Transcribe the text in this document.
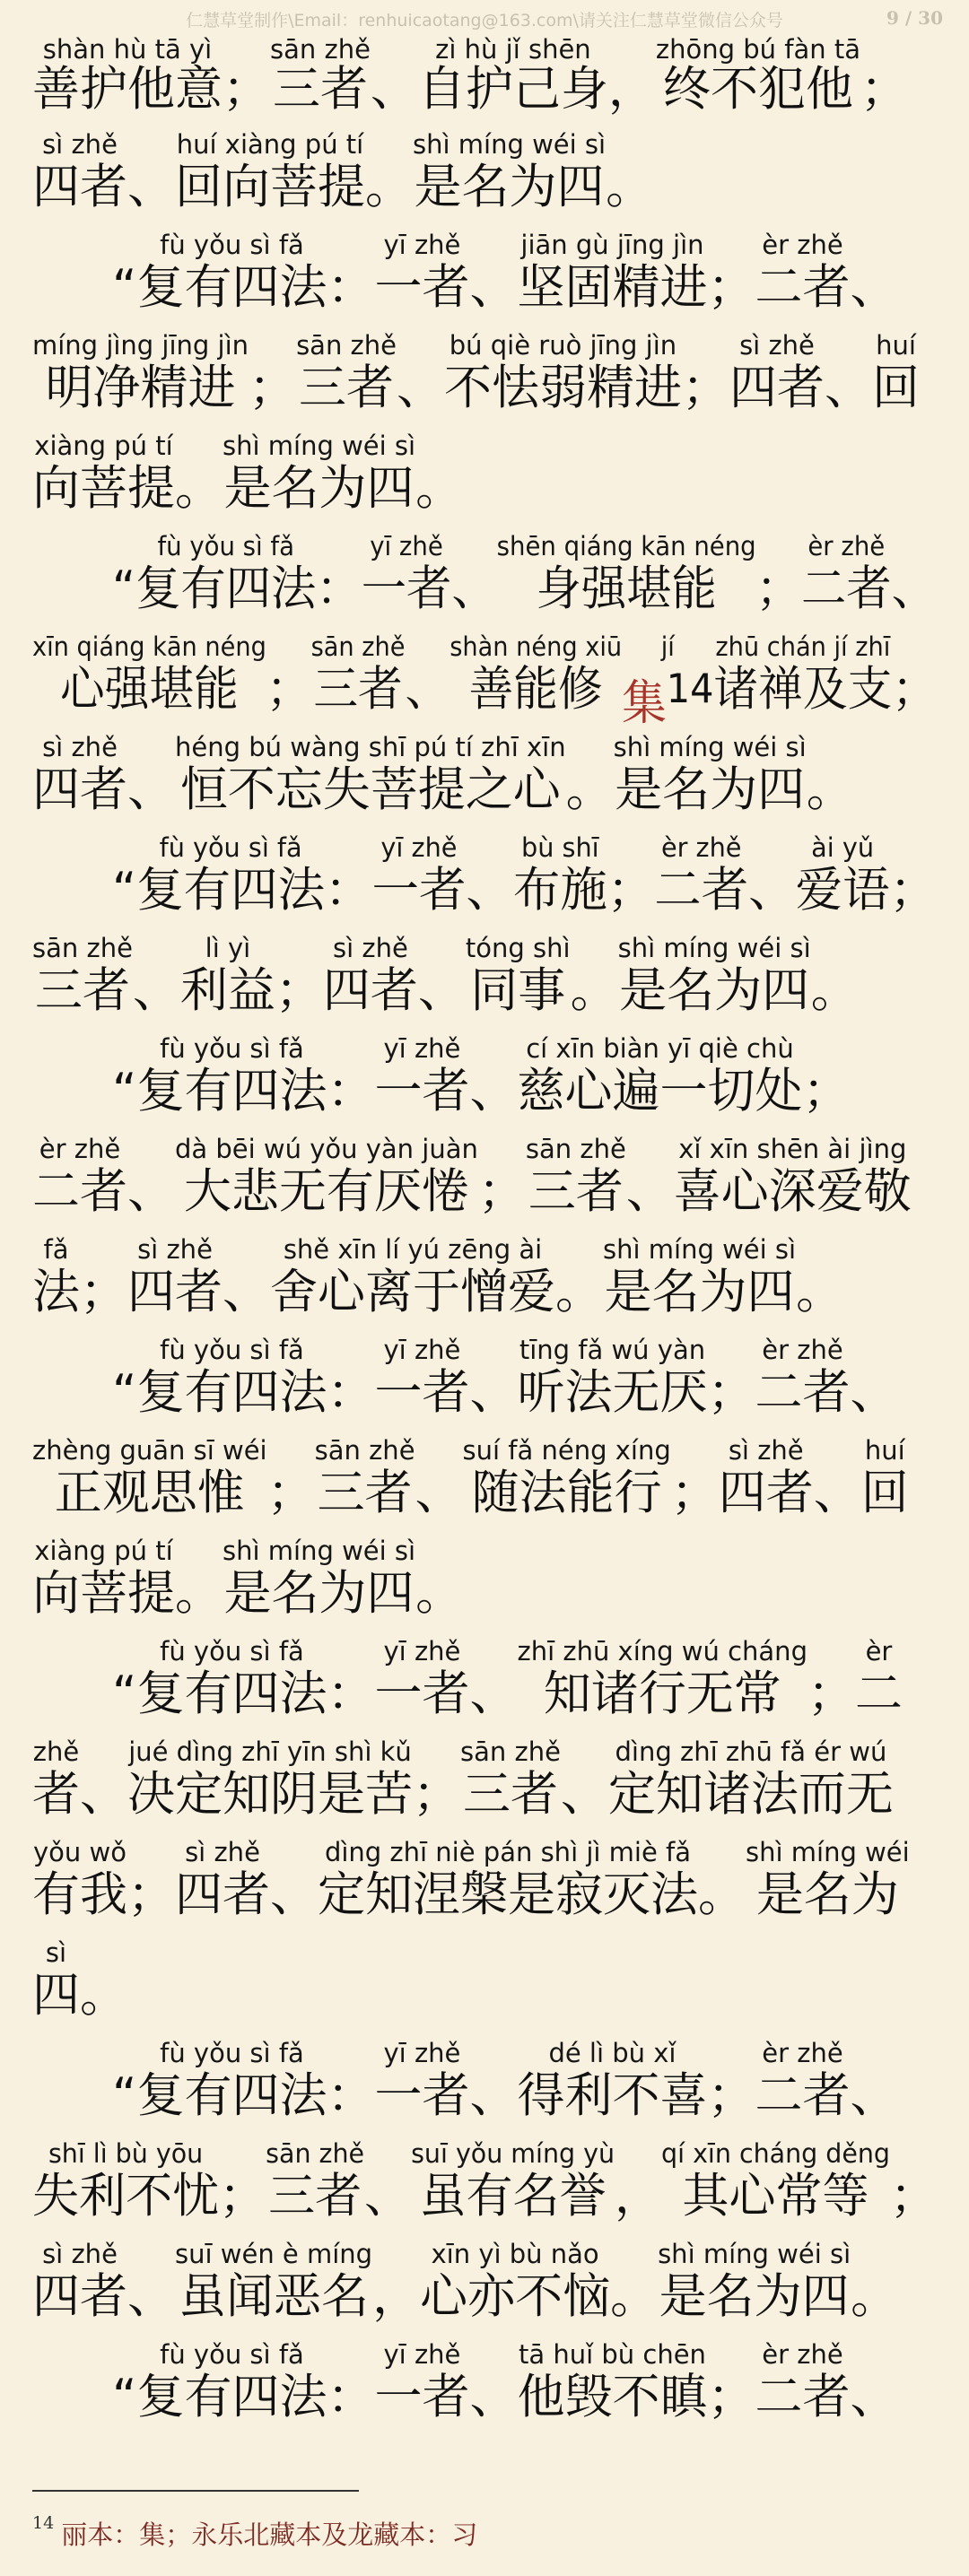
仁慧草堂制作\Email：renhuicaotang@163.com\请关注仁慧草堂微信公众号	9 / 30
shàn hù tā yì
善护他意 ；
sān zhě
三者 、
zì hù jǐ shēn
自护己身 ，
zhōng bú fàn tā
终不犯他 ；
sì zhě
四者 、
huí xiàng pú tí
回向菩提 。
shì míng wéi sì
是名为四 。
“
fù yǒu sì fǎ
复有四法 ：
yī zhě
一者 、
jiān gù jīng jìn
坚固精进 ；
èr zhě
二者 、
míng jìng jīng jìn
明净精进 ；
sān zhě
三者 、
bú qiè ruò jīng jìn
不怯弱精进 ；
sì zhě
四者 、
huí
回
xiàng pú tí
向菩提 。
shì míng wéi sì
是名为四 。
“
fù yǒu sì fǎ
复有四法 ：
yī zhě
一者 、
shēn qiáng kān néng
身强堪能 ；
èr zhě
二者 、
xīn qiáng kān néng
心强堪能 ；
sān zhě
三者 、
shàn néng xiū
善能修
jí
集$^{14}$
zhū chán jí zhī
诸禅及支 ；
sì zhě
四者 、
héng bú wàng shī pú tí zhī xīn
恒不忘失菩提之心 。
shì míng wéi sì
是名为四 。
“
fù yǒu sì fǎ
复有四法 ：
yī zhě
一者 、
bù shī
布施 ；
èr zhě
二者 、
ài yǔ
爱语 ；
sān zhě
三者 、
lì yì
利益 ；
sì zhě
四者 、
tóng shì
同事 。
shì míng wéi sì
是名为四 。
“
fù yǒu sì fǎ
复有四法 ：
yī zhě
一者 、
cí xīn biàn yī qiè chù
慈心遍一切处 ；
èr zhě
二者 、
dà bēi wú yǒu yàn juàn
大悲无有厌惓 ；
sān zhě
三者 、
xǐ xīn shēn ài jìng
喜心深爱敬
fǎ
法 ；
sì zhě
四者 、
shě xīn lí yú zēng ài
舍心离于憎爱 。
shì míng wéi sì
是名为四 。
“
fù yǒu sì fǎ
复有四法 ：
yī zhě
一者 、
tīng fǎ wú yàn
听法无厌 ；
èr zhě
二者 、
zhèng guān sī wéi
正观思惟 ；
sān zhě
三者 、
suí fǎ néng xíng
随法能行 ；
sì zhě
四者 、
huí
回
xiàng pú tí
向菩提 。
shì míng wéi sì
是名为四 。
“
fù yǒu sì fǎ
复有四法 ：
yī zhě
一者 、
zhī zhū xíng wú cháng
知诸行无常 ；
èr
二
zhě
者 、
jué dìng zhī yīn shì kǔ
决定知阴是苦 ；
sān zhě
三者 、
dìng zhī zhū fǎ ér wú
定知诸法而无
yǒu wǒ
有我 ；
sì zhě
四者 、
dìng zhī niè pán shì jì miè fǎ
定知涅槃是寂灭法 。
shì míng wéi
是名为
sì
四 。
“
fù yǒu sì fǎ
复有四法 ：
yī zhě
一者 、
dé lì bù xǐ
得利不喜 ；
èr zhě
二者 、
shī lì bù yōu
失利不忧 ；
sān zhě
三者 、
suī yǒu míng yù
虽有名誉 ，
qí xīn cháng děng
其心常等 ；
sì zhě
四者 、
suī wén è míng
虽闻恶名 ，
xīn yì bù nǎo
心亦不恼 。
shì míng wéi sì
是名为四 。
“
fù yǒu sì fǎ
复有四法 ：
yī zhě
一者 、
tā huǐ bù chēn
他毁不瞋 ；
èr zhě
二者 、
$^{14}$ 丽本：集；永乐北藏本及龙藏本：习
